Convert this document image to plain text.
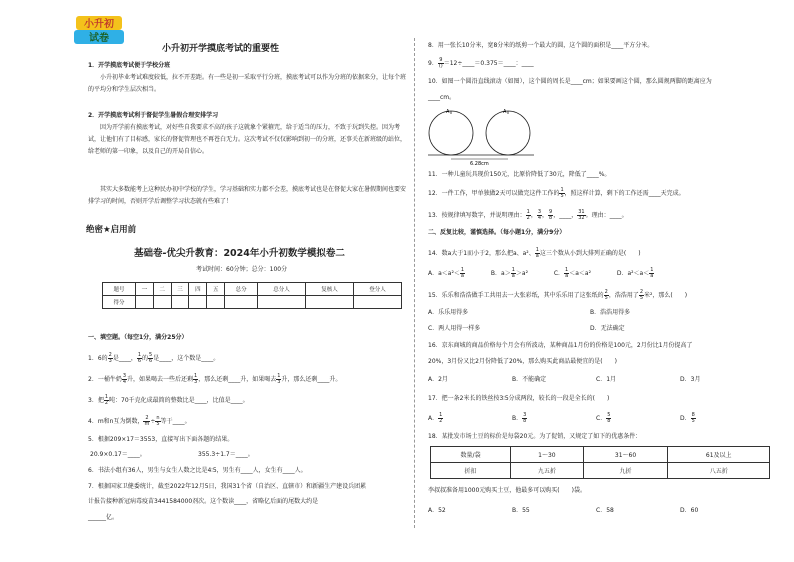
小升初
试卷
小升初开学摸底考试的重要性
1．开学摸底考试便于学校分班
小升初毕业考试难度较低，拉不开差距。有一些是初一采取平行分班，摸底考试可以作为分班的依据来分，让每个班的平均分和学生层次相当。
2．开学摸底考试利于督促学生暑假合理安排学习
因为开学前有摸底考试，对好些自我要求不高的孩子这就象个紧箍咒，给于适当的压力，不致于玩到失控。因为考试，让他们有了目标感，家长的督促管理也不再苍白无力。这次考试不仅仅影响到初一的分班，还事关在新班级的站位，给老师的第一印象，以及自己的开局自信心。
其实大多数能考上这种民办初中学校的学生，学习基础和实力都不会差，摸底考试也是在督促大家在暑假期间也要安排学习的时间，否则开学后调整学习状态就有些难了！
绝密★启用前
基础卷-优尖升教育：2024年小升初数学模拟卷二
考试时间：60分钟；总分：100分
题号	一	二	三	四	五	总分	总分人	复核人	登分人
得分									
一、填空题。（每空1分，满分25分）
1．6的 $\frac{2}{3}$ 是____， $\frac{1}{6}$ 的 $\frac{5}{6}$ 是____，这个数是____。
2．一桶牛奶 $\frac{3}{4}$ 升，如果喝去一些后还剩 $\frac{1}{3}$ ，那么还剩____升，如果喝去 $\frac{1}{3}$ 升，那么还剩____升。
3．把 $\frac{1}{2}$ 吨：70千克化成最简的整数比是____，比值是____。
4．m和n互为倒数， $\frac{2}{m} \div \frac{n}{5}$ 等于____。
5．根据209×17＝3553，直接写出下面各题的结果。
20.9×0.17＝____。	355.3÷1.7＝____。
6．书法小组有36人，男生与女生人数之比是4∶5，男生有____人，女生有____人。
7．根据国家卫健委统计，截至2022年12月5日，我国31个省（自治区、直辖市）和新疆生产建设兵团累
计报告接种新冠病毒疫苗3441584000剂次。这个数读____，省略亿后面的尾数大约是
______亿。
8．用一张长10分米，宽8分米的纸剪一个最大的圆，这个圆的面积是____平方分米。
9． $\frac{9}{()}$ ＝12÷____＝0.375＝____：____
10．如图一个圆沿直线滚动（如图），这个圆的周长是____cm；如果要画这个圆，那么圆规两脚的距离应为
____cm。
A	A
6.28cm
11．一种儿童玩具现价150元，比原价降低了30元，降低了____%。
12．一件工作，甲单独做2天可以做完这件工作的 $\frac{1}{5}$ ，照这样计算，剩下的工作还需____天完成。
13．按规律填写数字，并说明理由： $\frac{1}{2}$ ， $\frac{3}{4}$ ， $\frac{9}{8}$ ，____， $\frac{31}{32}$ 。理由：____。
二、反复比较，谨慎选择。（每小题1分，满分9分）
14．数a大于1而小于2，那么把a、a²、 $\frac{1}{a}$ 这三个数从小到大排列正确的是(　　)
A．$a<a^2< \frac{1}{a}$	B．$a> \frac{1}{a} >a^2$	C． $\frac{1}{a} <a<a^2$	D．$a^2<a< \frac{1}{a}$
15．乐乐和浩浩做手工共用去一大张彩纸，其中乐乐用了这张纸的 $\frac{2}{5}$ ，浩浩用了 $\frac{2}{5}$ 米²，那么(　　)
A．乐乐用得多	B．浩浩用得多
C．两人用得一样多	D．无法确定
16．京东商城的商品价格每个月会有所波动，某种商品1月份的价格是100元，2月份比1月份提高了
20%，3月份又比2月份降低了20%，那么购买此商品最便宜的是(　　)
A．2月	B．不能确定	C．1月	D．3月
17．把一条2米长的铁丝按3∶5分成两段，较长的一段是全长的(　　)
A． $\frac{1}{2}$	B． $\frac{3}{8}$	C． $\frac{5}{8}$	D． $\frac{8}{5}$
18．某批发市场土豆的标价是每袋20元。为了促销，又规定了如下的优惠条件：
数量/袋	1～30	31～60	61及以上
折扣	九五折	九折	八五折
李叔叔准备用1000元购买土豆，他最多可以购买(　　)袋。
A．52	B．55	C．58	D．60
